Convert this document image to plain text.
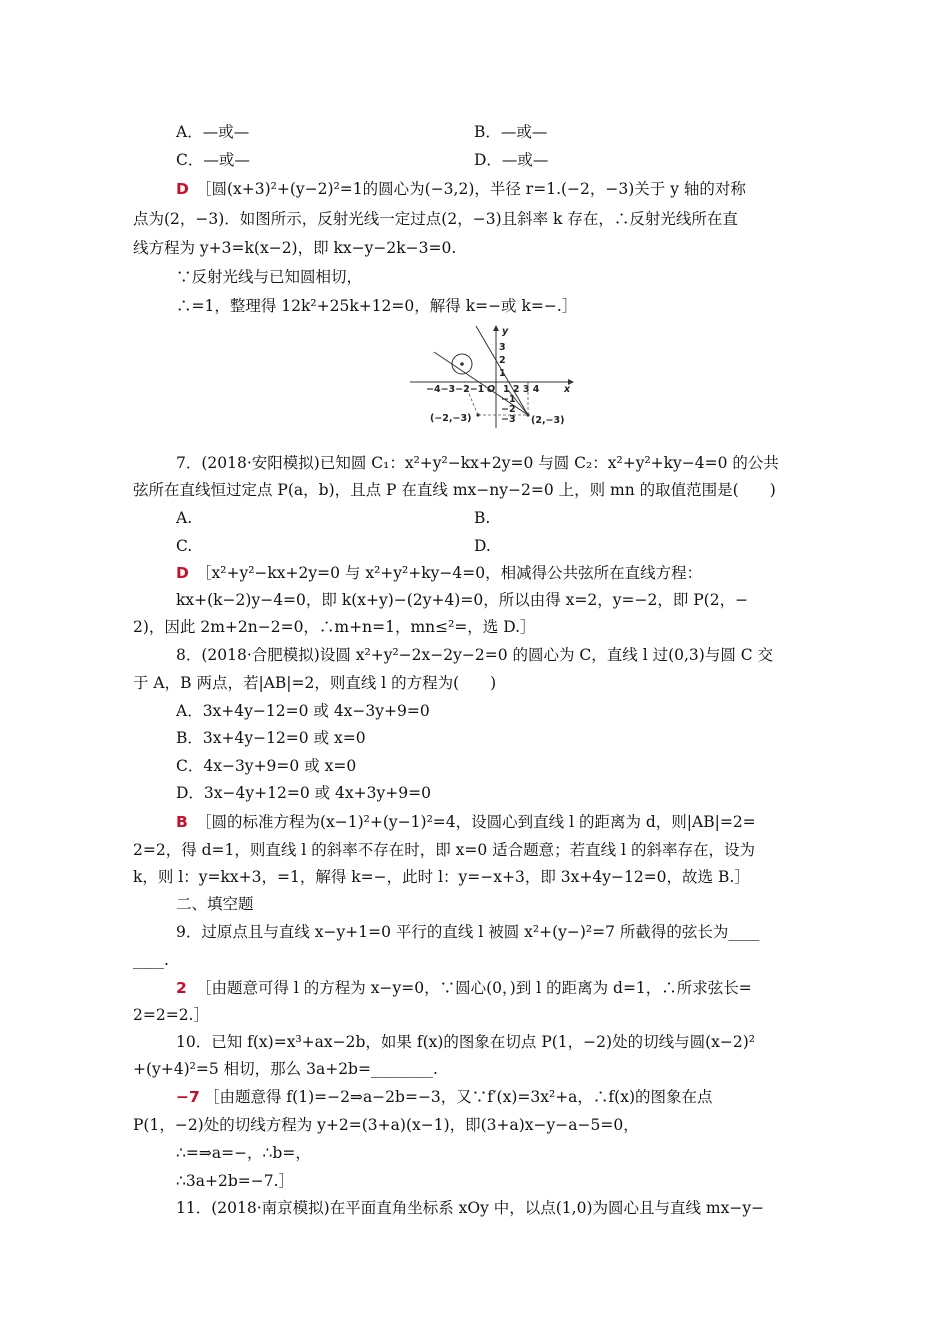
A．—或—	B．—或—
C．—或—	D．—或—
D ［圆(x+3)²+(y−2)²=1的圆心为(−3,2)，半径 r=1.(−2，−3)关于 y 轴的对称
点为(2，−3)．如图所示，反射光线一定过点(2，−3)且斜率 k 存在，∴反射光线所在直
线方程为 y+3=k(x−2)，即 kx−y−2k−3=0.
∵反射光线与已知圆相切，
∴=1，整理得 12k²+25k+12=0，解得 k=−或 k=−.］
y
x
3
2
1
−4−3−2−1 O 1 2 3 4
−1
−2
−3
(−2,−3)	(2,−3)
7．(2018·安阳模拟)已知圆 C₁：x²+y²−kx+2y=0 与圆 C₂：x²+y²+ky−4=0 的公共
弦所在直线恒过定点 P(a，b)，且点 P 在直线 mx−ny−2=0 上，则 mn 的取值范围是(　　)
A.	B.
C.	D.
D ［x²+y²−kx+2y=0 与 x²+y²+ky−4=0，相减得公共弦所在直线方程：
kx+(k−2)y−4=0，即 k(x+y)−(2y+4)=0，所以由得 x=2，y=−2，即 P(2，−
2)，因此 2m+2n−2=0，∴m+n=1，mn≤²=，选 D.］
8．(2018·合肥模拟)设圆 x²+y²−2x−2y−2=0 的圆心为 C，直线 l 过(0,3)与圆 C 交
于 A，B 两点，若|AB|=2，则直线 l 的方程为(　　)
A．3x+4y−12=0 或 4x−3y+9=0
B．3x+4y−12=0 或 x=0
C．4x−3y+9=0 或 x=0
D．3x−4y+12=0 或 4x+3y+9=0
B ［圆的标准方程为(x−1)²+(y−1)²=4，设圆心到直线 l 的距离为 d，则|AB|=2=
2=2，得 d=1，则直线 l 的斜率不存在时，即 x=0 适合题意；若直线 l 的斜率存在，设为
k，则 l：y=kx+3，=1，解得 k=−，此时 l：y=−x+3，即 3x+4y−12=0，故选 B.］
二、填空题
9．过原点且与直线 x−y+1=0 平行的直线 l 被圆 x²+(y−)²=7 所截得的弦长为____
____.
2 ［由题意可得 l 的方程为 x−y=0，∵圆心(0，)到 l 的距离为 d=1，∴所求弦长=
2=2=2.］
10．已知 f(x)=x³+ax−2b，如果 f(x)的图象在切点 P(1，−2)处的切线与圆(x−2)²
+(y+4)²=5 相切，那么 3a+2b=________.
−7 ［由题意得 f(1)=−2⇒a−2b=−3，又∵f′(x)=3x²+a，∴f(x)的图象在点
P(1，−2)处的切线方程为 y+2=(3+a)(x−1)，即(3+a)x−y−a−5=0，
∴=⇒a=−，∴b=，
∴3a+2b=−7.］
11．(2018·南京模拟)在平面直角坐标系 xOy 中，以点(1,0)为圆心且与直线 mx−y−
